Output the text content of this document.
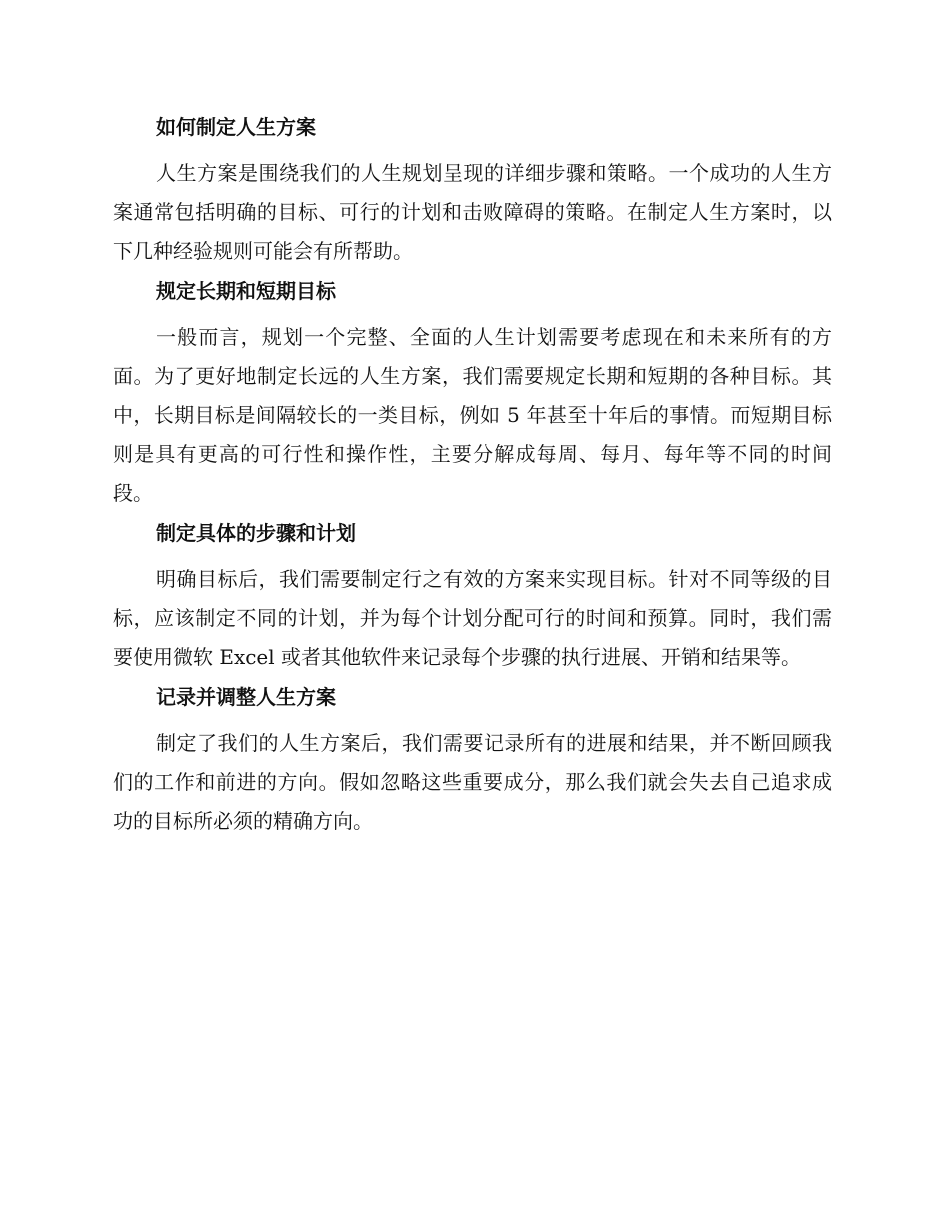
如何制定人生方案

人生方案是围绕我们的人生规划呈现的详细步骤和策略。一个成功的人生方案通常包括明确的目标、可行的计划和击败障碍的策略。在制定人生方案时，以下几种经验规则可能会有所帮助。

规定长期和短期目标

一般而言，规划一个完整、全面的人生计划需要考虑现在和未来所有的方面。为了更好地制定长远的人生方案，我们需要规定长期和短期的各种目标。其中，长期目标是间隔较长的一类目标，例如 5 年甚至十年后的事情。而短期目标则是具有更高的可行性和操作性，主要分解成每周、每月、每年等不同的时间段。

制定具体的步骤和计划

明确目标后，我们需要制定行之有效的方案来实现目标。针对不同等级的目标，应该制定不同的计划，并为每个计划分配可行的时间和预算。同时，我们需要使用微软 Excel 或者其他软件来记录每个步骤的执行进展、开销和结果等。

记录并调整人生方案

制定了我们的人生方案后，我们需要记录所有的进展和结果，并不断回顾我们的工作和前进的方向。假如忽略这些重要成分，那么我们就会失去自己追求成功的目标所必须的精确方向。
